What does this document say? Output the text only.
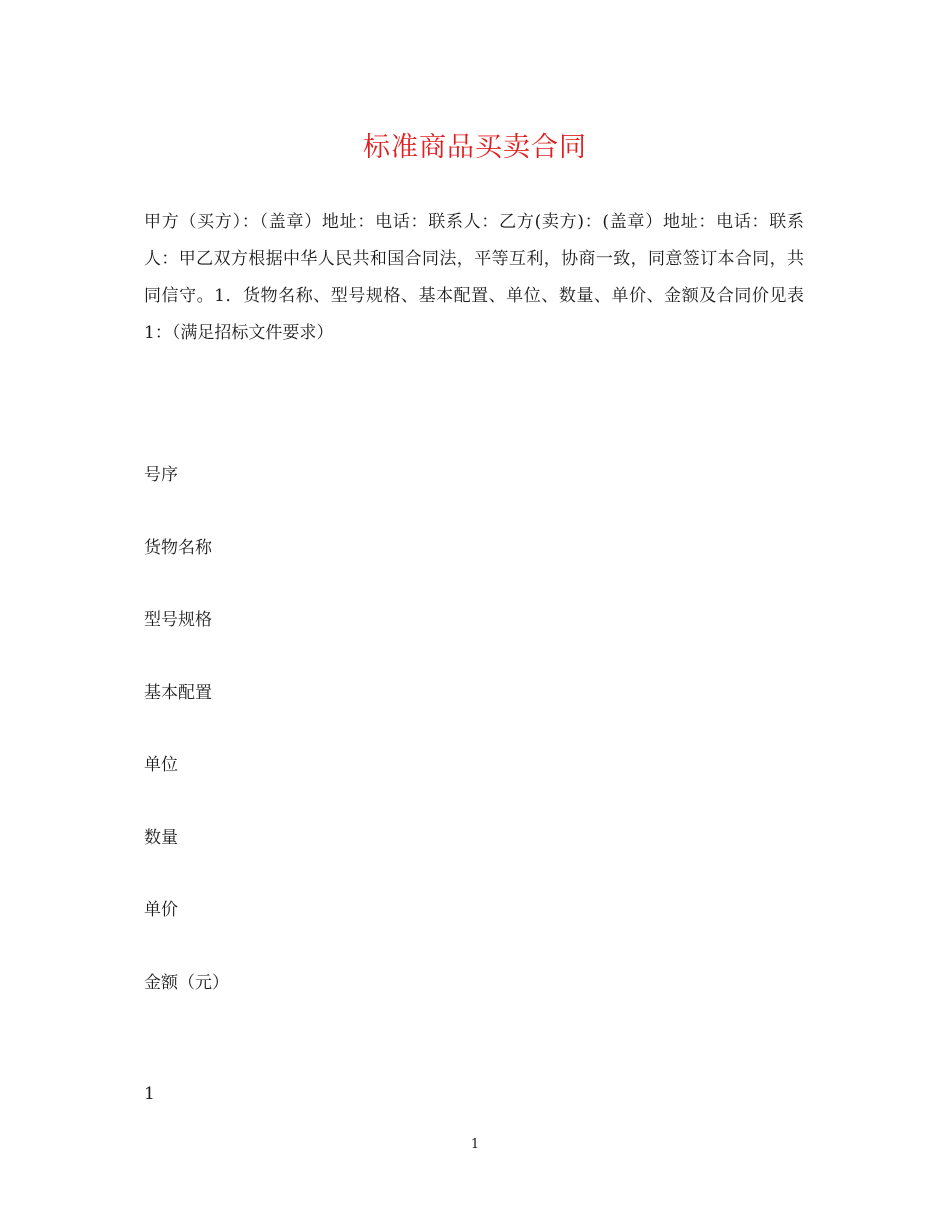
标准商品买卖合同

甲方（买方）：（盖章）地址：电话：联系人：乙方(卖方)：(盖章）地址：电话：联系人：甲乙双方根据中华人民共和国合同法，平等互利，协商一致，同意签订本合同，共同信守。1．货物名称、型号规格、基本配置、单位、数量、单价、金额及合同价见表1：（满足招标文件要求）

号序

货物名称

型号规格

基本配置

单位

数量

单价

金额（元）

1

1
